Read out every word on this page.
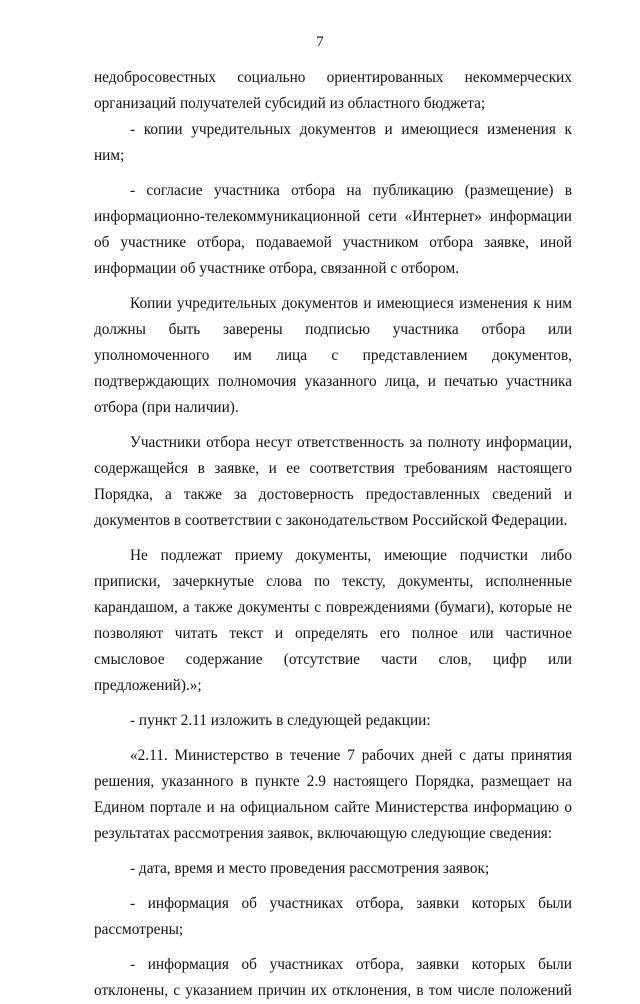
7

недобросовестных социально ориентированных некоммерческих организаций получателей субсидий из областного бюджета;

- копии учредительных документов и имеющиеся изменения к ним;

- согласие участника отбора на публикацию (размещение) в информационно-телекоммуникационной сети «Интернет» информации об участнике отбора, подаваемой участником отбора заявке, иной информации об участнике отбора, связанной с отбором.

Копии учредительных документов и имеющиеся изменения к ним должны быть заверены подписью участника отбора или уполномоченного им лица с представлением документов, подтверждающих полномочия указанного лица, и печатью участника отбора (при наличии).

Участники отбора несут ответственность за полноту информации, содержащейся в заявке, и ее соответствия требованиям настоящего Порядка, а также за достоверность предоставленных сведений и документов в соответствии с законодательством Российской Федерации.

Не подлежат приему документы, имеющие подчистки либо приписки, зачеркнутые слова по тексту, документы, исполненные карандашом, а также документы с повреждениями (бумаги), которые не позволяют читать текст и определять его полное или частичное смысловое содержание (отсутствие части слов, цифр или предложений).»;

- пункт 2.11 изложить в следующей редакции:

«2.11. Министерство в течение 7 рабочих дней с даты принятия решения, указанного в пункте 2.9 настоящего Порядка, размещает на Едином портале и на официальном сайте Министерства информацию о результатах рассмотрения заявок, включающую следующие сведения:

- дата, время и место проведения рассмотрения заявок;

- информация об участниках отбора, заявки которых были рассмотрены;

- информация об участниках отбора, заявки которых были отклонены, с указанием причин их отклонения, в том числе положений
